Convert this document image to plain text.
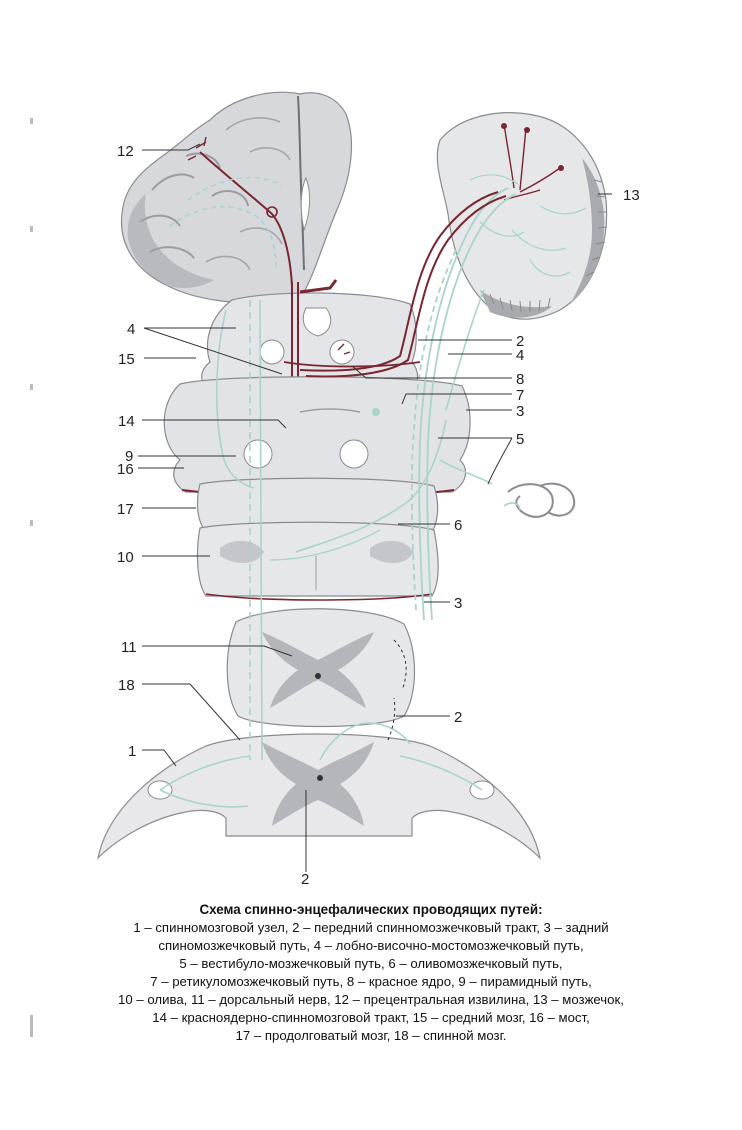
12
13
4
15
14
9
16
17
10
11
18
1
2
4
8
7
3
5
6
3
2
2
Схема спинно-энцефалических проводящих путей:
1 – спинномозговой узел, 2 – передний спинномозжечковый тракт, 3 – задний
спиномозжечковый путь, 4 – лобно-височно-мостомозжечковый путь,
5 – вестибуло-мозжечковый путь, 6 – оливомозжечковый путь,
7 – ретикуломозжечковый путь, 8 – красное ядро, 9 – пирамидный путь,
10 – олива, 11 – дорсальный нерв, 12 – прецентральная извилина, 13 – мозжечок,
14 – красноядерно-спинномозговой тракт, 15 – средний мозг, 16 – мост,
17 – продолговатый мозг, 18 – спинной мозг.
